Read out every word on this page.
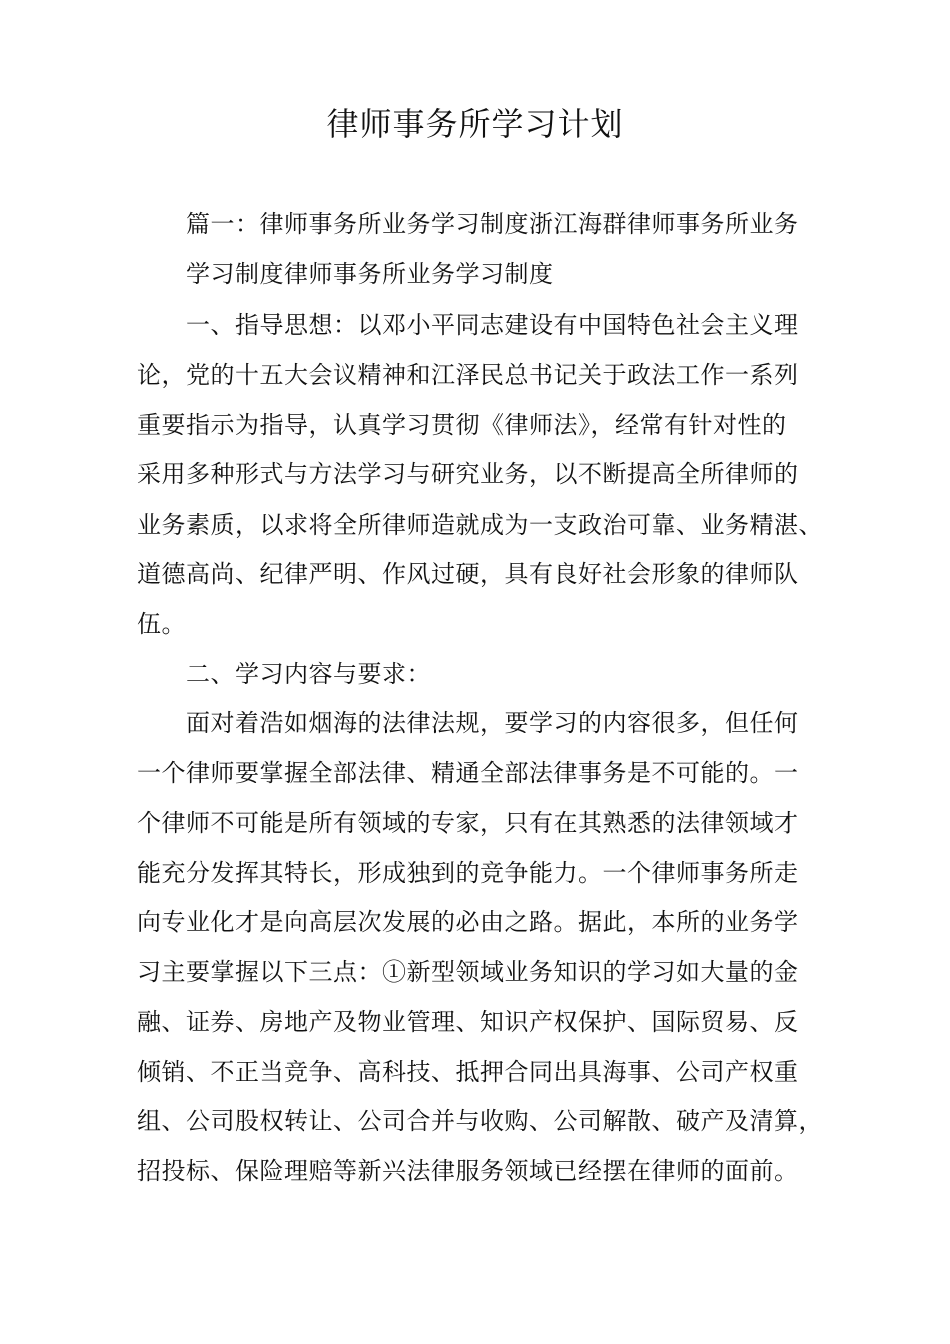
律师事务所学习计划
篇一：律师事务所业务学习制度浙江海群律师事务所业务
学习制度律师事务所业务学习制度
一、指导思想：以邓小平同志建设有中国特色社会主义理
论，党的十五大会议精神和江泽民总书记关于政法工作一系列
重要指示为指导，认真学习贯彻《律师法》，经常有针对性的
采用多种形式与方法学习与研究业务，以不断提高全所律师的
业务素质，以求将全所律师造就成为一支政治可靠、业务精湛、
道德高尚、纪律严明、作风过硬，具有良好社会形象的律师队
伍。
二、学习内容与要求：
面对着浩如烟海的法律法规，要学习的内容很多，但任何
一个律师要掌握全部法律、精通全部法律事务是不可能的。一
个律师不可能是所有领域的专家，只有在其熟悉的法律领域才
能充分发挥其特长，形成独到的竞争能力。一个律师事务所走
向专业化才是向高层次发展的必由之路。据此，本所的业务学
习主要掌握以下三点：①新型领域业务知识的学习如大量的金
融、证券、房地产及物业管理、知识产权保护、国际贸易、反
倾销、不正当竞争、高科技、抵押合同出具海事、公司产权重
组、公司股权转让、公司合并与收购、公司解散、破产及清算，
招投标、保险理赔等新兴法律服务领域已经摆在律师的面前。
